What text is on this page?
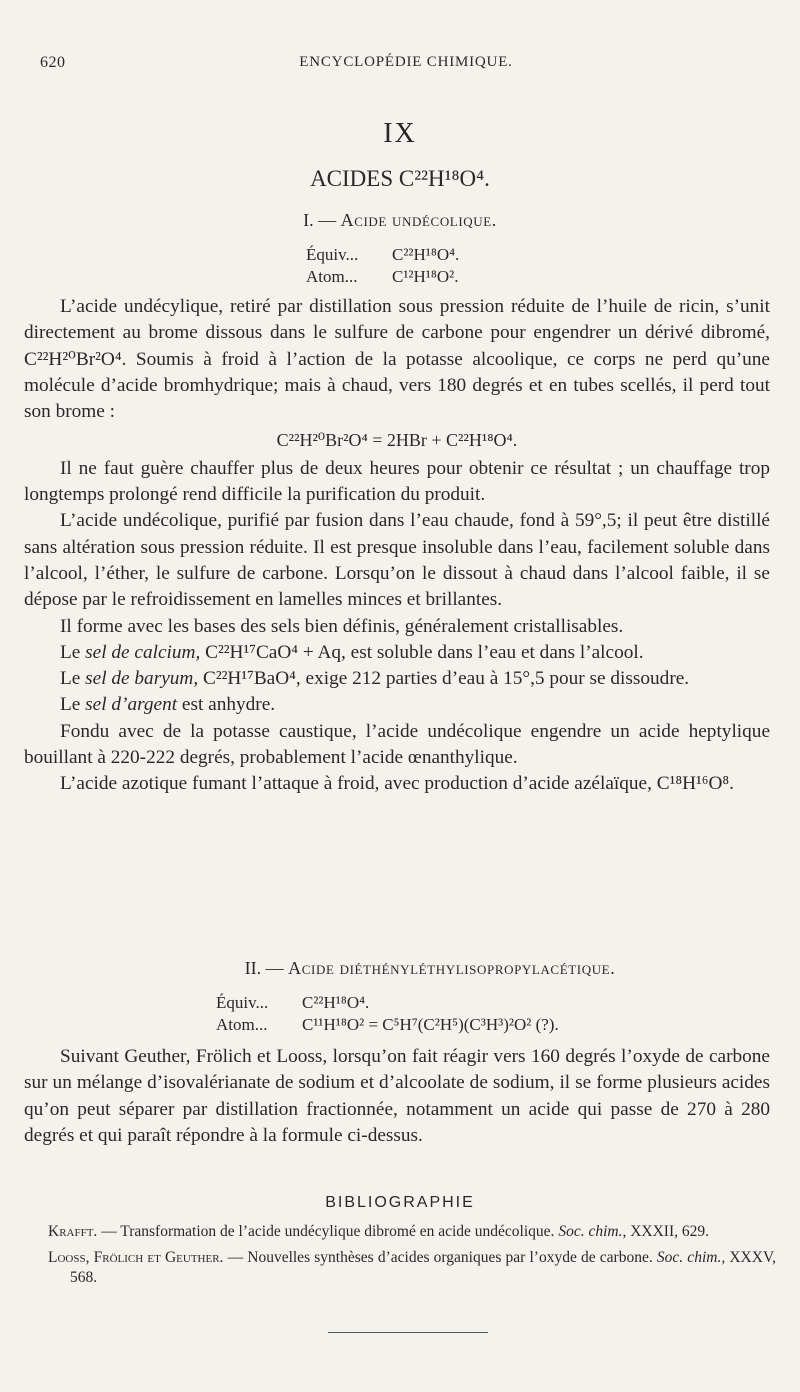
620	ENCYCLOPÉDIE CHIMIQUE.
IX
ACIDES C²²H¹⁸O⁴.
I. — Acide undécolique.
Équiv... C²²H¹⁸O⁴.
Atom... C¹²H¹⁸O².

L’acide undécylique, retiré par distillation sous pression réduite de l’huile de ricin, s’unit directement au brome dissous dans le sulfure de carbone pour engendrer un dérivé dibromé, C²²H²⁰Br²O⁴. Soumis à froid à l’action de la potasse alcoolique, ce corps ne perd qu’une molécule d’acide bromhydrique; mais à chaud, vers 180 degrés et en tubes scellés, il perd tout son brome :

C²²H²⁰Br²O⁴ = 2HBr + C²²H¹⁸O⁴.

Il ne faut guère chauffer plus de deux heures pour obtenir ce résultat ; un chauffage trop longtemps prolongé rend difficile la purification du produit.

L’acide undécolique, purifié par fusion dans l’eau chaude, fond à 59°,5; il peut être distillé sans altération sous pression réduite. Il est presque insoluble dans l’eau, facilement soluble dans l’alcool, l’éther, le sulfure de carbone. Lorsqu’on le dissout à chaud dans l’alcool faible, il se dépose par le refroidissement en lamelles minces et brillantes.

Il forme avec les bases des sels bien définis, généralement cristallisables.

Le sel de calcium, C²²H¹⁷CaO⁴ + Aq, est soluble dans l’eau et dans l’alcool.

Le sel de baryum, C²²H¹⁷BaO⁴, exige 212 parties d’eau à 15°,5 pour se dissoudre.

Le sel d’argent est anhydre.

Fondu avec de la potasse caustique, l’acide undécolique engendre un acide heptylique bouillant à 220-222 degrés, probablement l’acide œnanthylique.

L’acide azotique fumant l’attaque à froid, avec production d’acide azélaïque, C¹⁸H¹⁶O⁸.

II. — Acide diéthényléthylisopropylacétique.
Équiv... C²²H¹⁸O⁴.
Atom... C¹¹H¹⁸O² = C⁵H⁷(C²H⁵)(C³H³)²O² (?).

Suivant Geuther, Frölich et Looss, lorsqu’on fait réagir vers 160 degrés l’oxyde de carbone sur un mélange d’isovalérianate de sodium et d’alcoolate de sodium, il se forme plusieurs acides qu’on peut séparer par distillation fractionnée, notamment un acide qui passe de 270 à 280 degrés et qui paraît répondre à la formule ci-dessus.

BIBLIOGRAPHIE

Krafft. — Transformation de l’acide undécylique dibromé en acide undécolique. Soc. chim., XXXII, 629.

Looss, Frölich et Geuther. — Nouvelles synthèses d’acides organiques par l’oxyde de carbone. Soc. chim., XXXV, 568.
